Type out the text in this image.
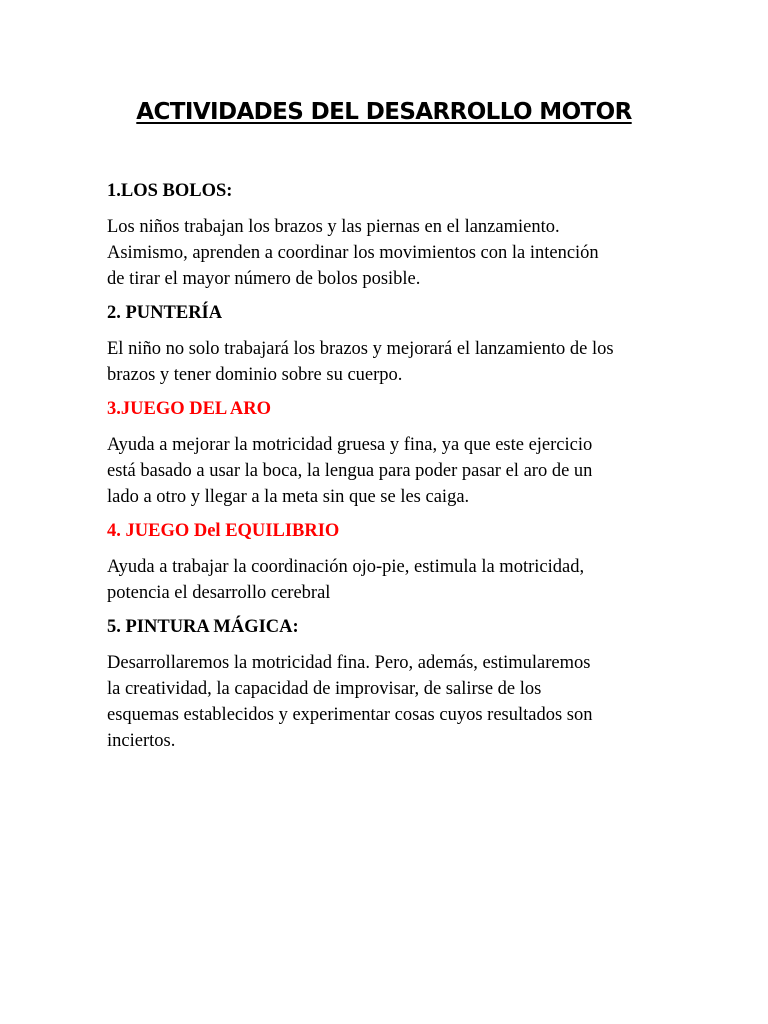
ACTIVIDADES DEL DESARROLLO MOTOR
1.LOS BOLOS:
Los niños trabajan los brazos y las piernas en el lanzamiento.
Asimismo, aprenden a coordinar los movimientos con la intención
de tirar el mayor número de bolos posible.
2. PUNTERÍA
El niño no solo trabajará los brazos y mejorará el lanzamiento de los
brazos y tener dominio sobre su cuerpo.
3.JUEGO DEL ARO
Ayuda a mejorar la motricidad gruesa y fina, ya que este ejercicio
está basado a usar la boca, la lengua para poder pasar el aro de un
lado a otro y llegar a la meta sin que se les caiga.
4. JUEGO Del EQUILIBRIO
Ayuda a trabajar la coordinación ojo-pie, estimula la motricidad,
potencia el desarrollo cerebral
5. PINTURA MÁGICA:
Desarrollaremos la motricidad fina. Pero, además, estimularemos
la creatividad, la capacidad de improvisar, de salirse de los
esquemas establecidos y experimentar cosas cuyos resultados son
inciertos.
